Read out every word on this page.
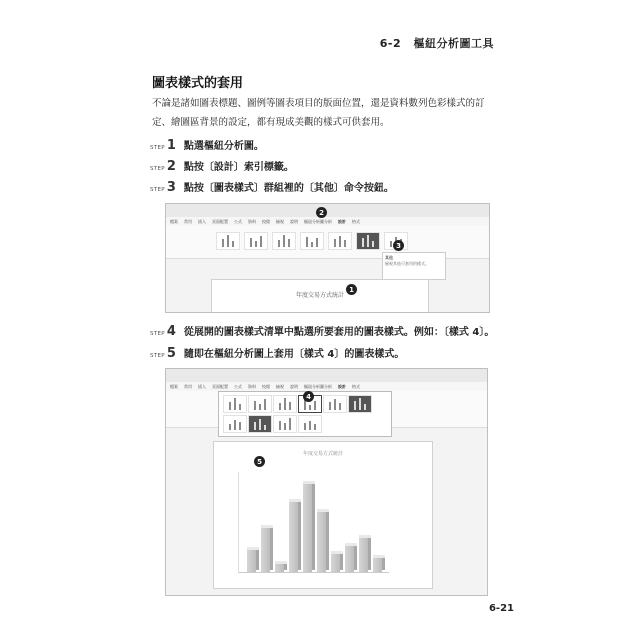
6-2 樞紐分析圖工具
圖表樣式的套用
不論是諸如圖表標題、圖例等圖表項目的版面位置，還是資料數列色彩樣式的訂定、繪圖區背景的設定，都有現成美觀的樣式可供套用。
STEP 1 點選樞紐分析圖。
STEP 2 點按〔設計〕索引標籤。
STEP 3 點按〔圖表樣式〕群組裡的〔其他〕命令按鈕。
檔案 常用 插入 頁面配置 公式 資料 校閱 檢視 說明 樞紐分析圖分析 設計 格式
3
其他
檢視其他可套用的樣式。
年度交易方式統計
1
2
STEP 4 從展開的圖表樣式清單中點選所要套用的圖表樣式。例如：〔樣式 4〕。
STEP 5 隨即在樞紐分析圖上套用〔樣式 4〕的圖表樣式。
檔案 常用 插入 頁面配置 公式 資料 校閱 檢視 說明 樞紐分析圖分析 設計 格式
4
年度交易方式統計
5
6-21
